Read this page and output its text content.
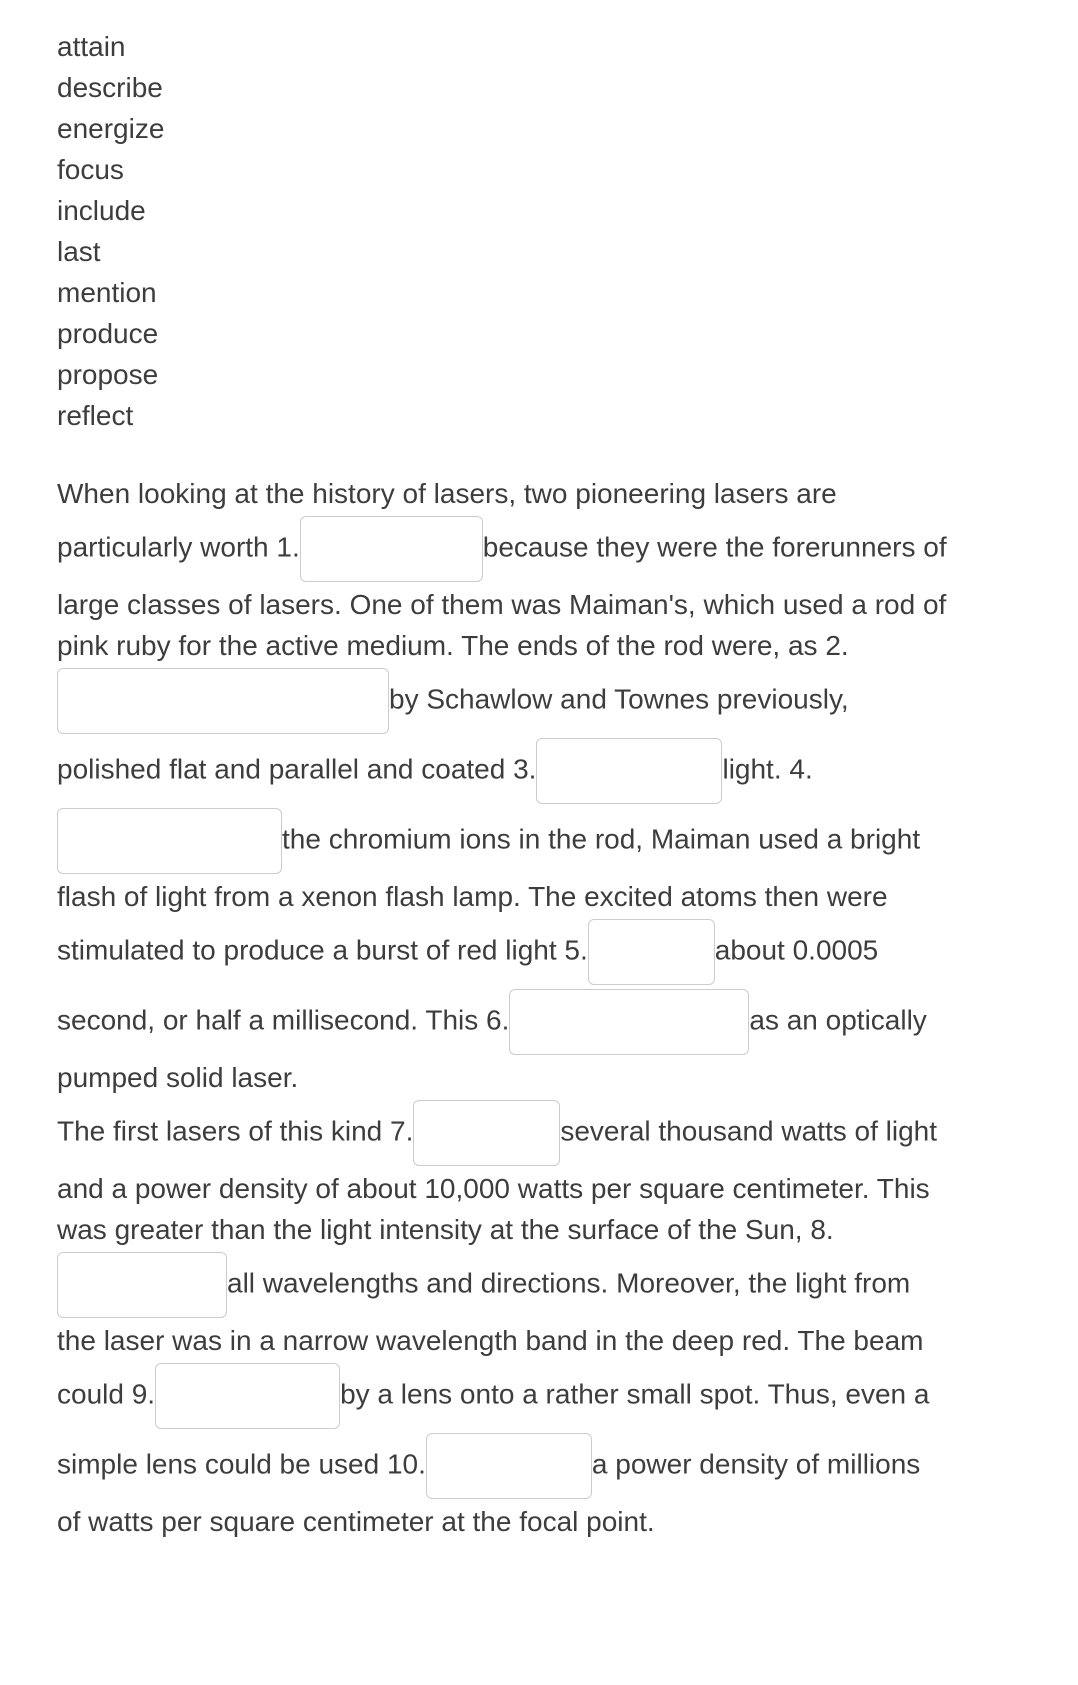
attain
describe
energize
focus
include
last
mention
produce
propose
reflect

When looking at the history of lasers, two pioneering lasers are particularly worth 1.	because they were the forerunners of large classes of lasers. One of them was Maiman's, which used a rod of pink ruby for the active medium. The ends of the rod were, as 2.by Schawlow and Townes previously, polished flat and parallel and coated 3.	light. 4.the chromium ions in the rod, Maiman used a bright flash of light from a xenon flash lamp. The excited atoms then were stimulated to produce a burst of red light 5.	about 0.0005 second, or half a millisecond. This 6.	as an optically pumped solid laser.

The first lasers of this kind 7.	several thousand watts of light and a power density of about 10,000 watts per square centimeter. This was greater than the light intensity at the surface of the Sun, 8.all wavelengths and directions. Moreover, the light from the laser was in a narrow wavelength band in the deep red. The beam could 9.	by a lens onto a rather small spot. Thus, even a simple lens could be used 10.	a power density of millions of watts per square centimeter at the focal point.
